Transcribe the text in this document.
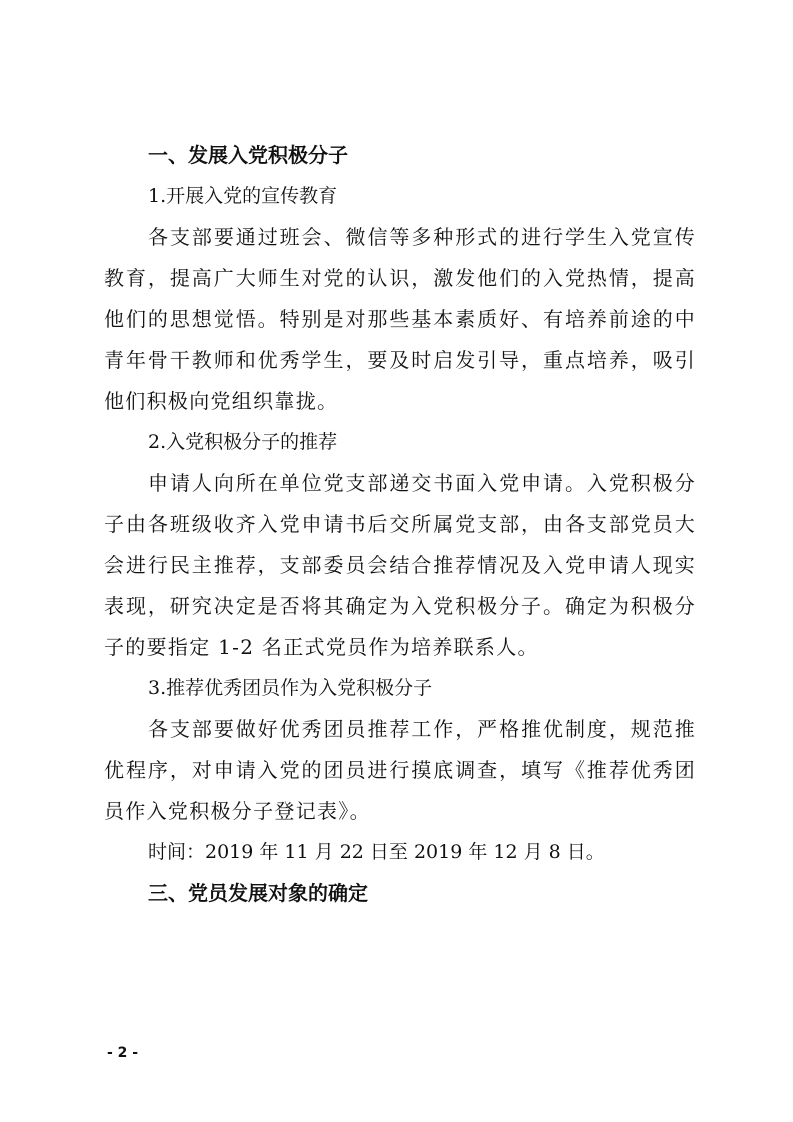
一、发展入党积极分子

1.开展入党的宣传教育

各支部要通过班会、微信等多种形式的进行学生入党宣传教育，提高广大师生对党的认识，激发他们的入党热情，提高他们的思想觉悟。特别是对那些基本素质好、有培养前途的中青年骨干教师和优秀学生，要及时启发引导，重点培养，吸引他们积极向党组织靠拢。

2.入党积极分子的推荐

申请人向所在单位党支部递交书面入党申请。入党积极分子由各班级收齐入党申请书后交所属党支部，由各支部党员大会进行民主推荐，支部委员会结合推荐情况及入党申请人现实表现，研究决定是否将其确定为入党积极分子。确定为积极分子的要指定 1-2 名正式党员作为培养联系人。

3.推荐优秀团员作为入党积极分子

各支部要做好优秀团员推荐工作，严格推优制度，规范推优程序，对申请入党的团员进行摸底调查，填写《推荐优秀团员作入党积极分子登记表》。

时间：2019 年 11 月 22 日至 2019 年 12 月 8 日。

三、党员发展对象的确定
- 2 -
